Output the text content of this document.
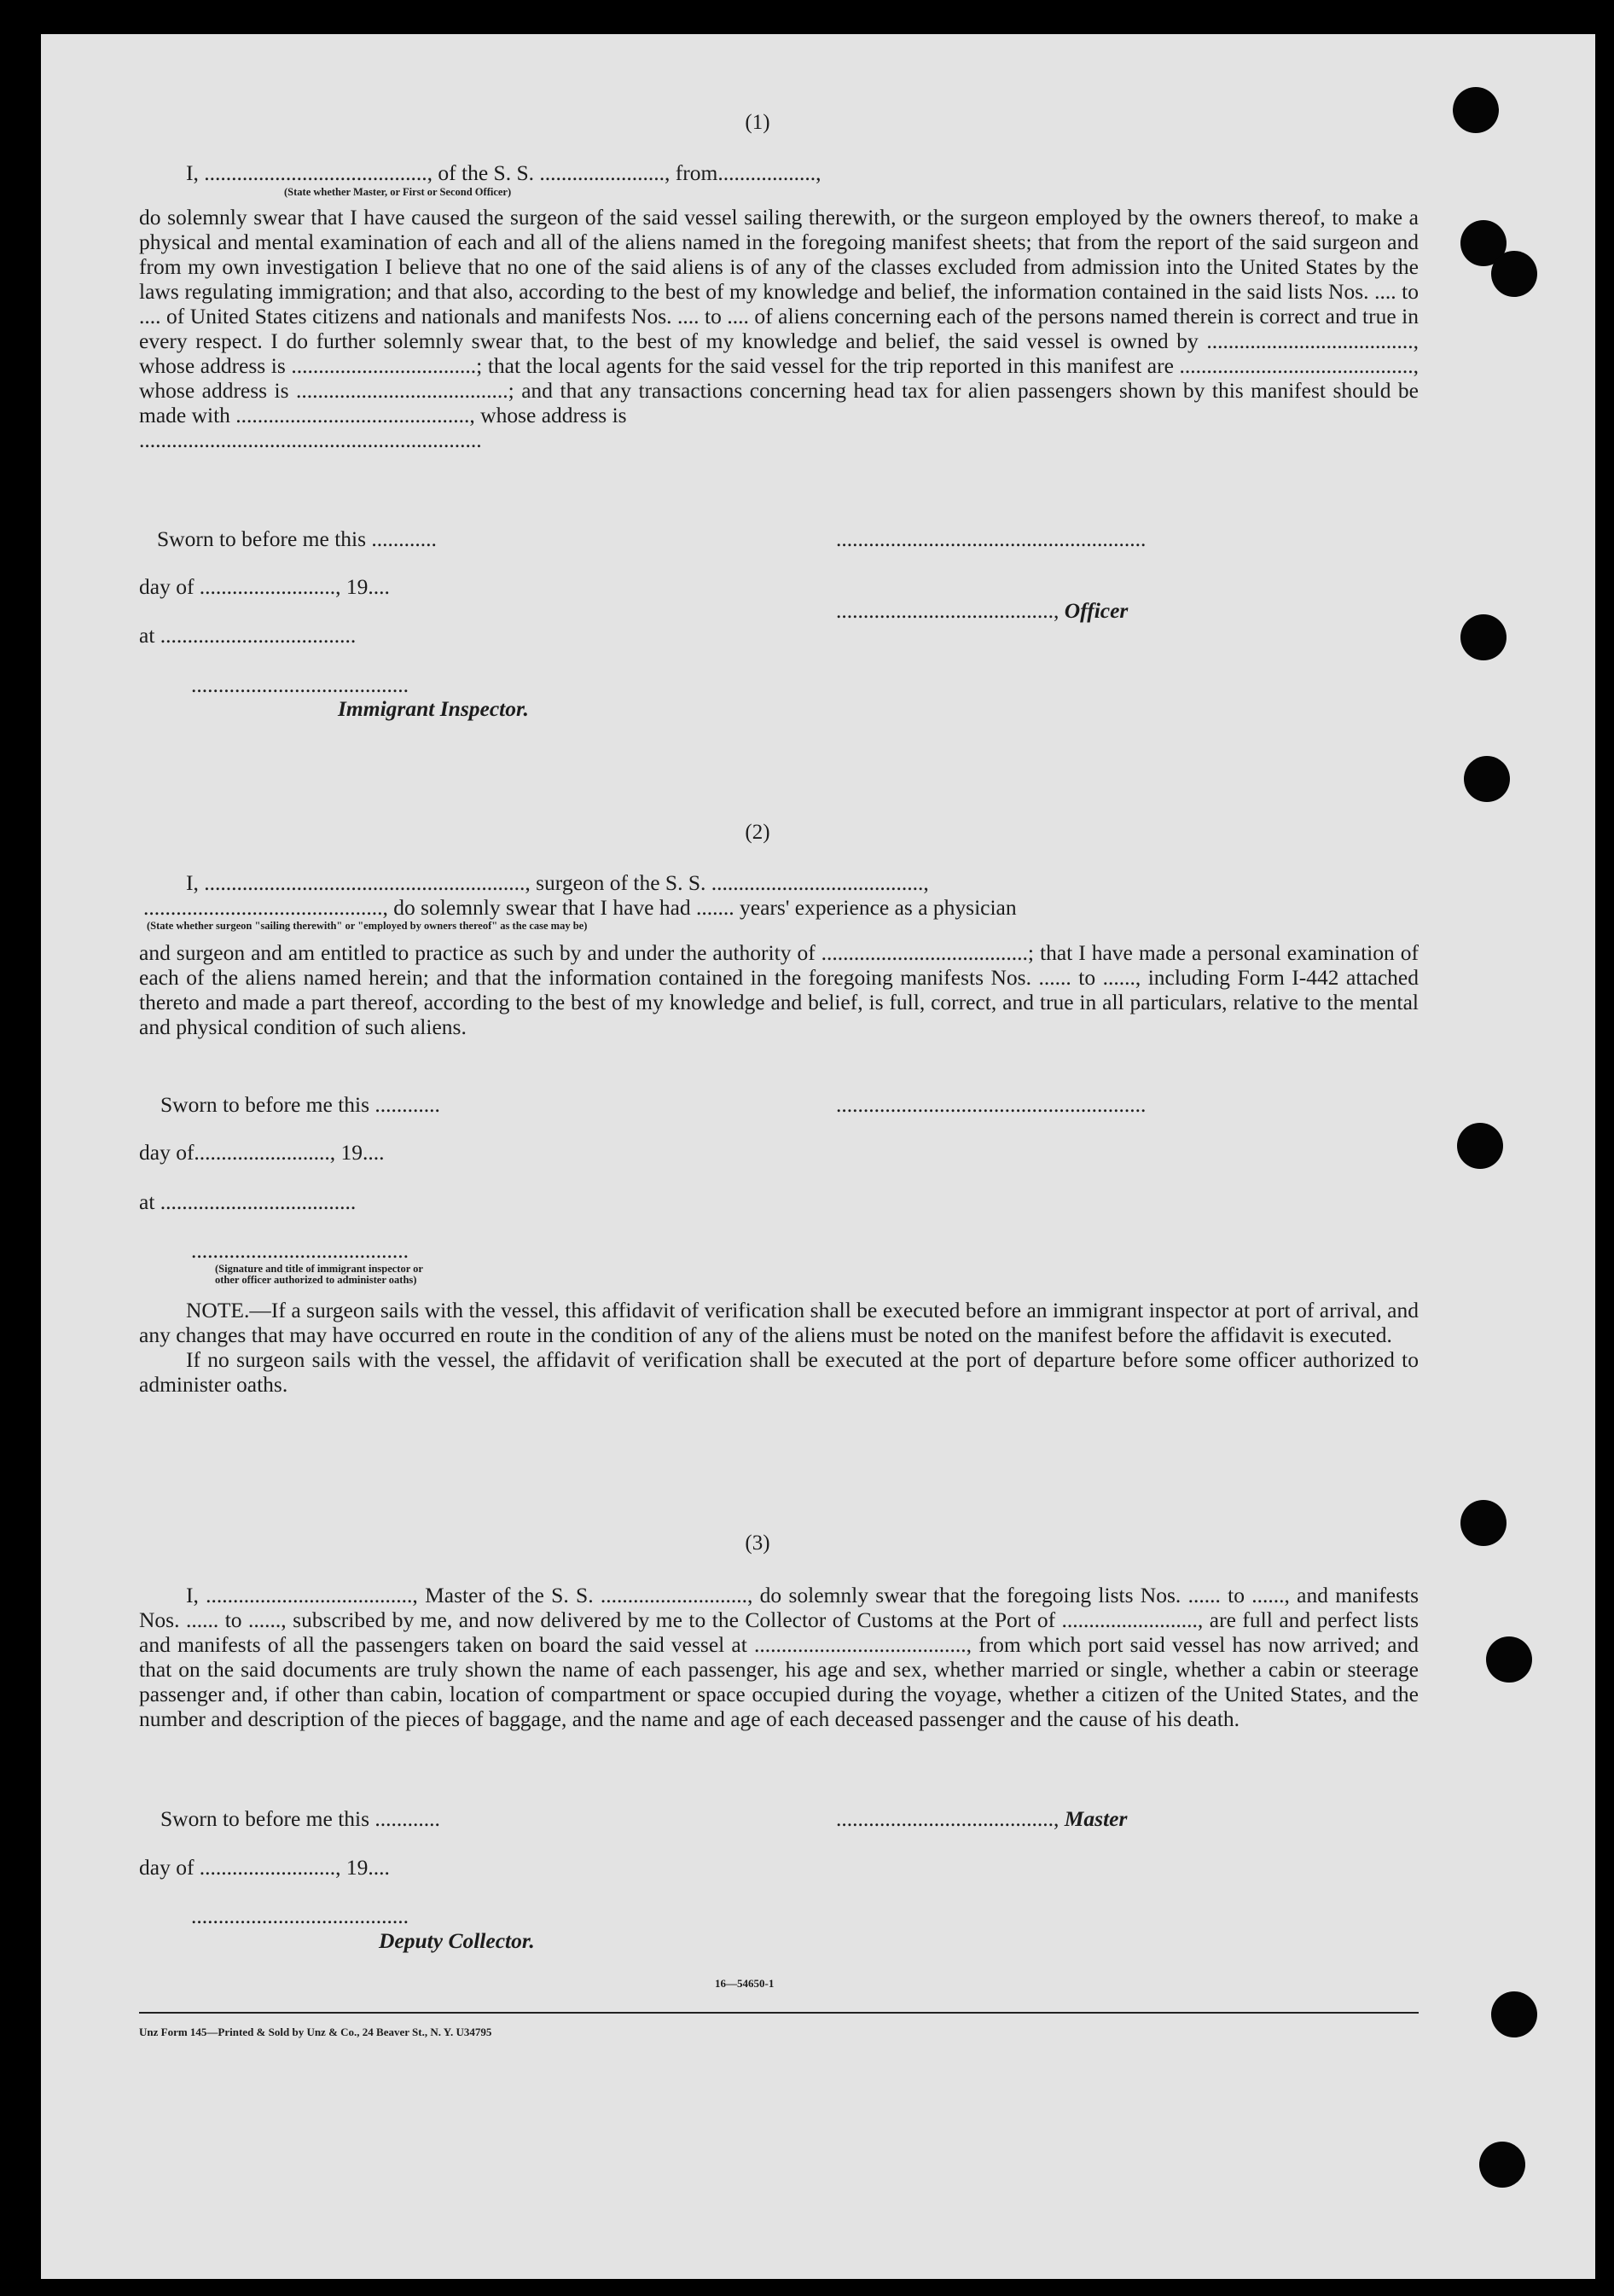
(1)
I, ........................................., of the S. S. ......................., from..................,
(State whether Master, or First or Second Officer)

do solemnly swear that I have caused the surgeon of the said vessel sailing therewith, or the surgeon employed by the owners thereof, to make a physical and mental examination of each and all of the aliens named in the foregoing manifest sheets; that from the report of the said surgeon and from my own investigation I believe that no one of the said aliens is of any of the classes excluded from admission into the United States by the laws regulating immigration; and that also, according to the best of my knowledge and belief, the information contained in the said lists Nos. .... to .... of United States citizens and nationals and manifests Nos. .... to .... of aliens concerning each of the persons named therein is correct and true in every respect. I do further solemnly swear that, to the best of my knowledge and belief, the said vessel is owned by ......................................, whose address is ..................................; that the local agents for the said vessel for the trip reported in this manifest are ..........................................., whose address is .......................................; and that any transactions concerning head tax for alien passengers shown by this manifest should be made with ..........................................., whose address is

...............................................................

Sworn to before me this ............	.........................................................
day of ........................., 19....
........................................, Officer
at ....................................
........................................
Immigrant Inspector.
(2)
I, ..........................................................., surgeon of the S. S. .......................................,
............................................, do solemnly swear that I have had ....... years' experience as a physician
(State whether surgeon "sailing therewith" or "employed by owners thereof" as the case may be)

and surgeon and am entitled to practice as such by and under the authority of ......................................; that I have made a personal examination of each of the aliens named herein; and that the information contained in the foregoing manifests Nos. ...... to ......, including Form I-442 attached thereto and made a part thereof, according to the best of my knowledge and belief, is full, correct, and true in all particulars, relative to the mental and physical condition of such aliens.

Sworn to before me this ............	.........................................................
day of........................., 19....
at ....................................
........................................
(Signature and title of immigrant inspector or
other officer authorized to administer oaths)

NOTE.—If a surgeon sails with the vessel, this affidavit of verification shall be executed before an immigrant inspector at port of arrival, and any changes that may have occurred en route in the condition of any of the aliens must be noted on the manifest before the affidavit is executed.

If no surgeon sails with the vessel, the affidavit of verification shall be executed at the port of departure before some officer authorized to administer oaths.

(3)

I, ......................................, Master of the S. S. ..........................., do solemnly swear that the foregoing lists Nos. ...... to ......, and manifests Nos. ...... to ......, subscribed by me, and now delivered by me to the Collector of Customs at the Port of ........................., are full and perfect lists and manifests of all the passengers taken on board the said vessel at ......................................., from which port said vessel has now arrived; and that on the said documents are truly shown the name of each passenger, his age and sex, whether married or single, whether a cabin or steerage passenger and, if other than cabin, location of compartment or space occupied during the voyage, whether a citizen of the United States, and the number and description of the pieces of baggage, and the name and age of each deceased passenger and the cause of his death.

Sworn to before me this ............	........................................, Master
day of ........................., 19....
........................................
Deputy Collector.
16—54650-1
Unz Form 145—Printed & Sold by Unz & Co., 24 Beaver St., N. Y. U34795
